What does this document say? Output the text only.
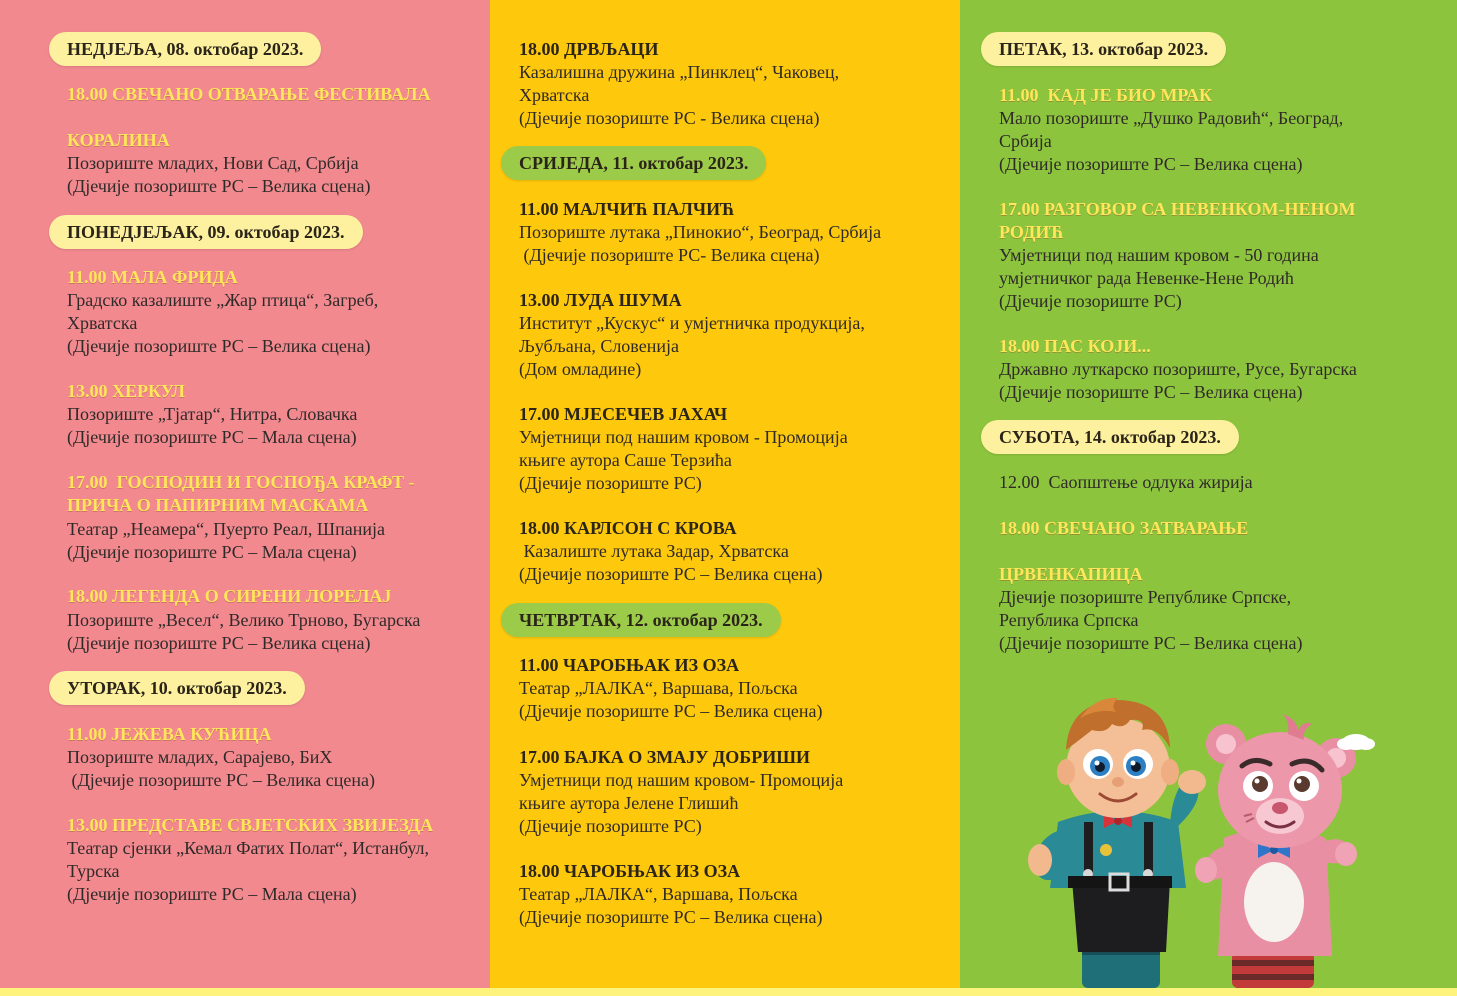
НЕДЈЕЉА, 08. октобар 2023.
18.00 СВЕЧАНО ОТВАРАЊЕ ФЕСТИВАЛА
КОРАЛИНА
Позориште младих, Нови Сад, Србија
(Дјечије позориште РС – Велика сцена)
ПОНЕДЈЕЉАК, 09. октобар 2023.
11.00 МАЛА ФРИДА
Градско казалиште „Жар птица“, Загреб,
Хрватска
(Дјечије позориште РС – Велика сцена)
13.00 ХЕРКУЛ
Позориште „Тјатар“, Нитра, Словачка
(Дјечије позориште РС – Мала сцена)
17.00  ГОСПОДИН И ГОСПОЂА КРАФТ -
ПРИЧА О ПАПИРНИМ МАСКАМА
Театар „Неамера“, Пуерто Реал, Шпанија
(Дјечије позориште РС – Мала сцена)
18.00 ЛЕГЕНДА О СИРЕНИ ЛОРЕЛАЈ
Позориште „Весел“, Велико Трново, Бугарска
(Дјечије позориште РС – Велика сцена)
УТОРАК, 10. октобар 2023.
11.00 ЈЕЖЕВА КУЋИЦА
Позориште младих, Сарајево, БиХ
(Дјечије позориште РС – Велика сцена)
13.00 ПРЕДСТАВЕ СВЈЕТСКИХ ЗВИЈЕЗДА
Театар сјенки „Кемал Фатих Полат“, Истанбул,
Турска
(Дјечије позориште РС – Мала сцена)
18.00 ДРВЉАЦИ
Казалишна дружина „Пинклец“, Чаковец,
Хрватска
(Дјечије позориште РС - Велика сцена)
СРИЈЕДА, 11. октобар 2023.
11.00 МАЛЧИЋ ПАЛЧИЋ
Позориште лутака „Пинокио“, Београд, Србија
(Дјечије позориште РС- Велика сцена)
13.00 ЛУДА ШУМА
Институт „Кускус“ и умјетничка продукција,
Љубљана, Словенија
(Дом омладине)
17.00 МЈЕСЕЧЕВ ЈАХАЧ
Умјетници под нашим кровом - Промоција
књиге аутора Саше Терзића
(Дјечије позориште РС)
18.00 КАРЛСОН С КРОВА
Казалиште лутака Задар, Хрватска
(Дјечије позориште РС – Велика сцена)
ЧЕТВРТАК, 12. октобар 2023.
11.00 ЧАРОБЊАК ИЗ ОЗА
Театар „ЛАЛКА“, Варшава, Пољска
(Дјечије позориште РС – Велика сцена)
17.00 БАЈКА О ЗМАЈУ ДОБРИШИ
Умјетници под нашим кровом- Промоција
књиге аутора Јелене Глишић
(Дјечије позориште РС)
18.00 ЧАРОБЊАК ИЗ ОЗА
Театар „ЛАЛКА“, Варшава, Пољска
(Дјечије позориште РС – Велика сцена)
ПЕТАК, 13. октобар 2023.
11.00  КАД ЈЕ БИО МРАК
Мало позориште „Душко Радовић“, Београд,
Србија
(Дјечије позориште РС – Велика сцена)
17.00 РАЗГОВОР СА НЕВЕНКОМ-НЕНОМ
РОДИЋ
Умјетници под нашим кровом - 50 година
умјетничког рада Невенке-Нене Родић
(Дјечије позориште РС)
18.00 ПАС КОЈИ...
Државно луткарско позориште, Русе, Бугарска
(Дјечије позориште РС – Велика сцена)
СУБОТА, 14. октобар 2023.
12.00  Саопштење одлука жирија
18.00 СВЕЧАНО ЗАТВАРАЊЕ
ЦРВЕНКАПИЦА
Дјечије позориште Републике Српске,
Република Српска
(Дјечије позориште РС – Велика сцена)
